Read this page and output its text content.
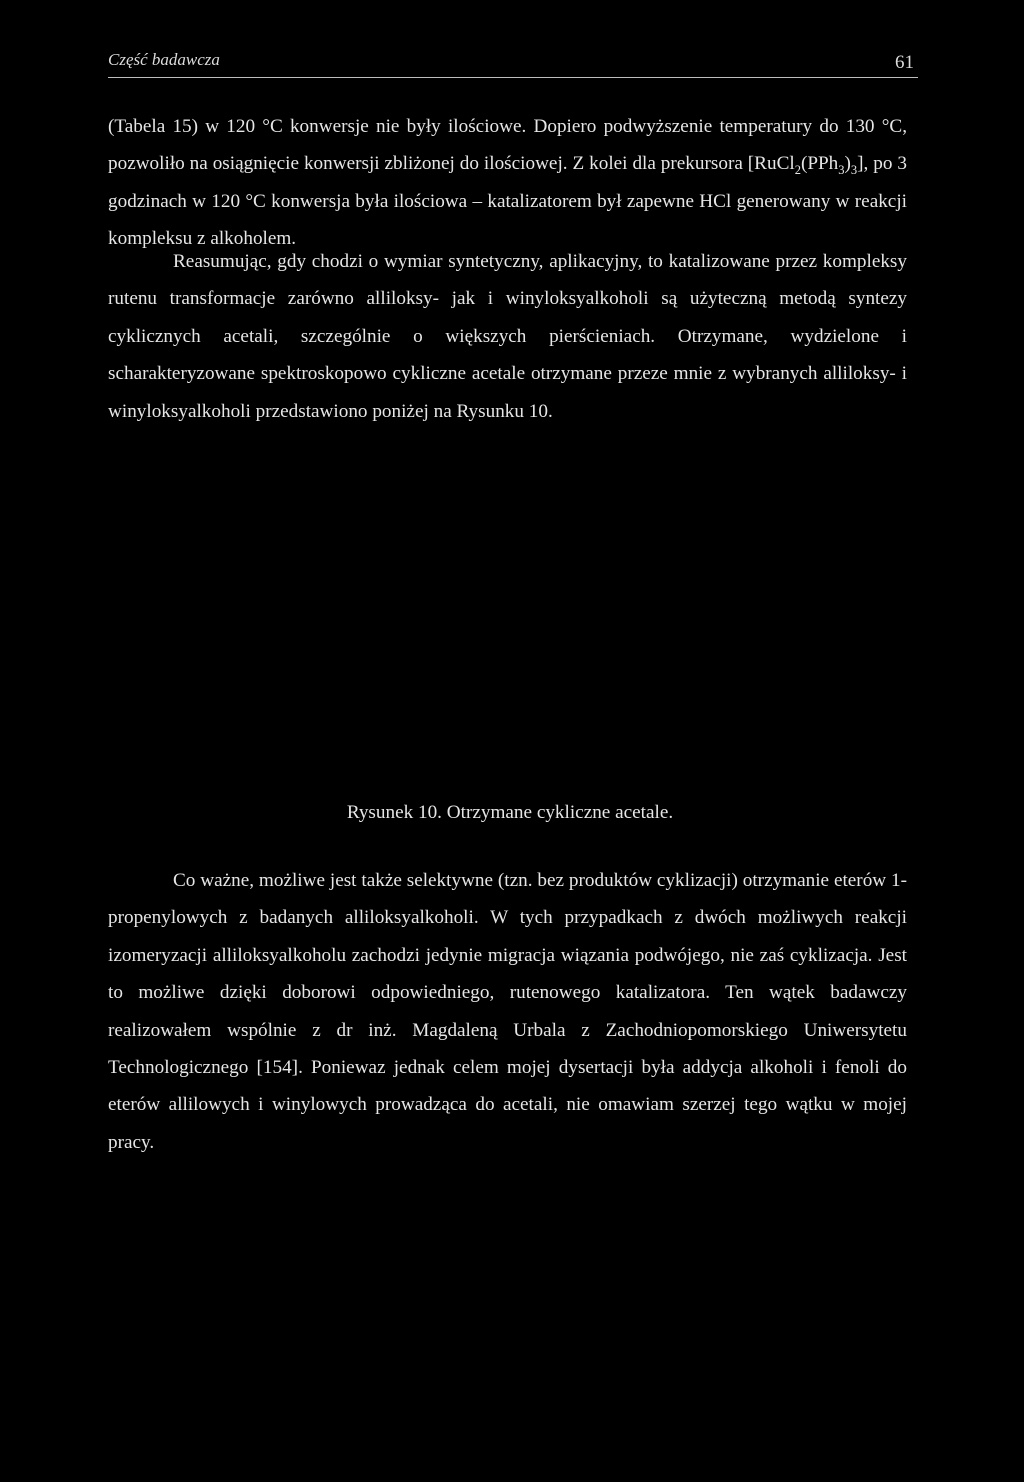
Część badawcza	61

(Tabela 15) w 120 °C konwersje nie były ilościowe. Dopiero podwyższenie temperatury do 130 °C, pozwoliło na osiągnięcie konwersji zbliżonej do ilościowej. Z kolei dla prekursora $[RuCl_2(PPh_3)_3]$, po 3 godzinach w 120 °C konwersja była ilościowa – katalizatorem był zapewne HCl generowany w reakcji kompleksu z alkoholem.

Reasumując, gdy chodzi o wymiar syntetyczny, aplikacyjny, to katalizowane przez kompleksy rutenu transformacje zarówno alliloksy- jak i winyloksyalkoholi są użyteczną metodą syntezy cyklicznych acetali, szczególnie o większych pierścieniach. Otrzymane, wydzielone i scharakteryzowane spektroskopowo cykliczne acetale otrzymane przeze mnie z wybranych alliloksy- i winyloksyalkoholi przedstawiono poniżej na Rysunku 10.

Rysunek 10. Otrzymane cykliczne acetale.

Co ważne, możliwe jest także selektywne (tzn. bez produktów cyklizacji) otrzymanie eterów 1-propenylowych z badanych alliloksyalkoholi. W tych przypadkach z dwóch możliwych reakcji izomeryzacji alliloksyalkoholu zachodzi jedynie migracja wiązania podwójego, nie zaś cyklizacja. Jest to możliwe dzięki doborowi odpowiedniego, rutenowego katalizatora. Ten wątek badawczy realizowałem wspólnie z dr inż. Magdaleną Urbala z Zachodniopomorskiego Uniwersytetu Technologicznego [154]. Poniewaz jednak celem mojej dysertacji była addycja alkoholi i fenoli do eterów allilowych i winylowych prowadząca do acetali, nie omawiam szerzej tego wątku w mojej pracy.
